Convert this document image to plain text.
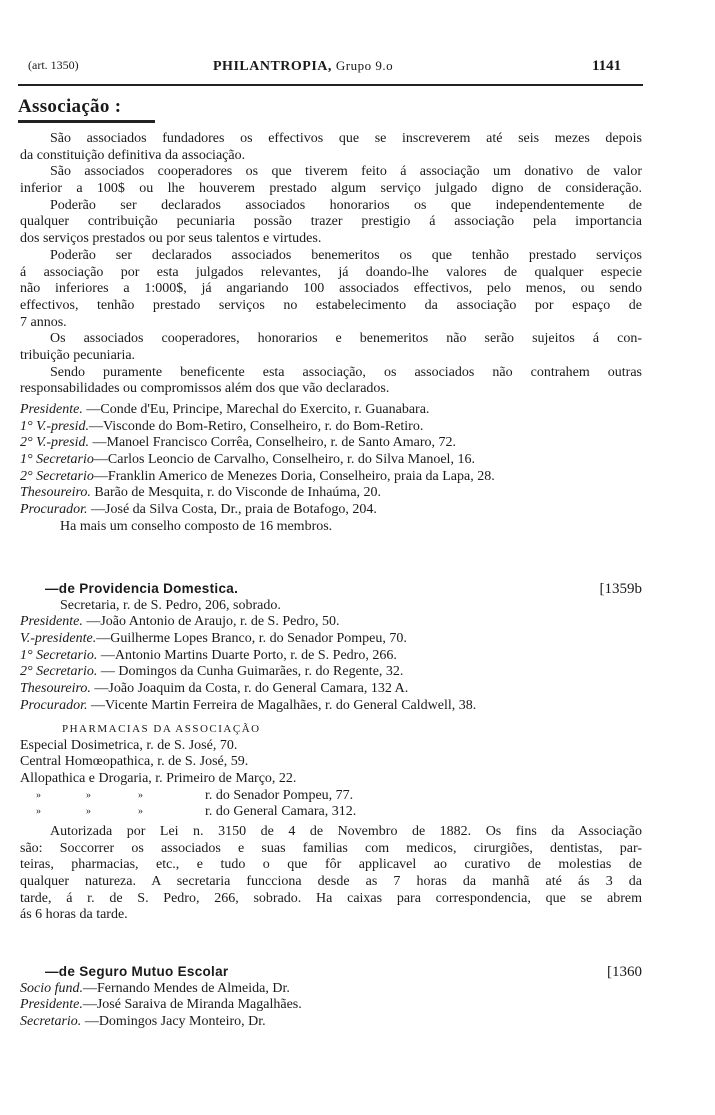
(art. 1350)	PHILANTROPIA, Grupo 9.o	1141
Associação :
São associados fundadores os effectivos que se inscreverem até seis mezes depois
da constituição definitiva da associação.
São associados cooperadores os que tiverem feito á associação um donativo de valor
inferior a 100$ ou lhe houverem prestado algum serviço julgado digno de consideração.
Poderão ser declarados associados honorarios os que independentemente de
qualquer contribuição pecuniaria possão trazer prestigio á associação pela importancia
dos serviços prestados ou por seus talentos e virtudes.
Poderão ser declarados associados benemeritos os que tenhão prestado serviços
á associação por esta julgados relevantes, já doando-lhe valores de qualquer especie
não inferiores a 1:000$, já angariando 100 associados effectivos, pelo menos, ou sendo
effectivos, tenhão prestado serviços no estabelecimento da associação por espaço de
7 annos.
Os associados cooperadores, honorarios e benemeritos não serão sujeitos á con-
tribuição pecuniaria.
Sendo puramente beneficente esta associação, os associados não contrahem outras
responsabilidades ou compromissos além dos que vão declarados.
Presidente. —Conde d'Eu, Principe, Marechal do Exercito, r. Guanabara.
1° V.-presid.—Visconde do Bom-Retiro, Conselheiro, r. do Bom-Retiro.
2° V.-presid. —Manoel Francisco Corrêa, Conselheiro, r. de Santo Amaro, 72.
1° Secretario—Carlos Leoncio de Carvalho, Conselheiro, r. do Silva Manoel, 16.
2° Secretario—Franklin Americo de Menezes Doria, Conselheiro, praia da Lapa, 28.
Thesoureiro. Barão de Mesquita, r. do Visconde de Inhaúma, 20.
Procurador. —José da Silva Costa, Dr., praia de Botafogo, 204.
Ha mais um conselho composto de 16 membros.
—de Providencia Domestica.	[1359b
Secretaria, r. de S. Pedro, 206, sobrado.
Presidente. —João Antonio de Araujo, r. de S. Pedro, 50.
V.-presidente.—Guilherme Lopes Branco, r. do Senador Pompeu, 70.
1° Secretario. —Antonio Martins Duarte Porto, r. de S. Pedro, 266.
2° Secretario. — Domingos da Cunha Guimarães, r. do Regente, 32.
Thesoureiro. —João Joaquim da Costa, r. do General Camara, 132 A.
Procurador. —Vicente Martin Ferreira de Magalhães, r. do General Caldwell, 38.
PHARMACIAS DA ASSOCIAÇÃO
Especial Dosimetrica, r. de S. José, 70.
Central Homœopathica, r. de S. José, 59.
Allopathica e Drogaria, r. Primeiro de Março, 22.
»	»	»	r. do Senador Pompeu, 77.
»	»	»	r. do General Camara, 312.
Autorizada por Lei n. 3150 de 4 de Novembro de 1882. Os fins da Associação
são: Soccorrer os associados e suas familias com medicos, cirurgiões, dentistas, par-
teiras, pharmacias, etc., e tudo o que fôr applicavel ao curativo de molestias de
qualquer natureza. A secretaria funcciona desde as 7 horas da manhã até ás 3 da
tarde, á r. de S. Pedro, 266, sobrado. Ha caixas para correspondencia, que se abrem
ás 6 horas da tarde.
—de Seguro Mutuo Escolar	[1360
Socio fund.—Fernando Mendes de Almeida, Dr.
Presidente.—José Saraiva de Miranda Magalhães.
Secretario. —Domingos Jacy Monteiro, Dr.
